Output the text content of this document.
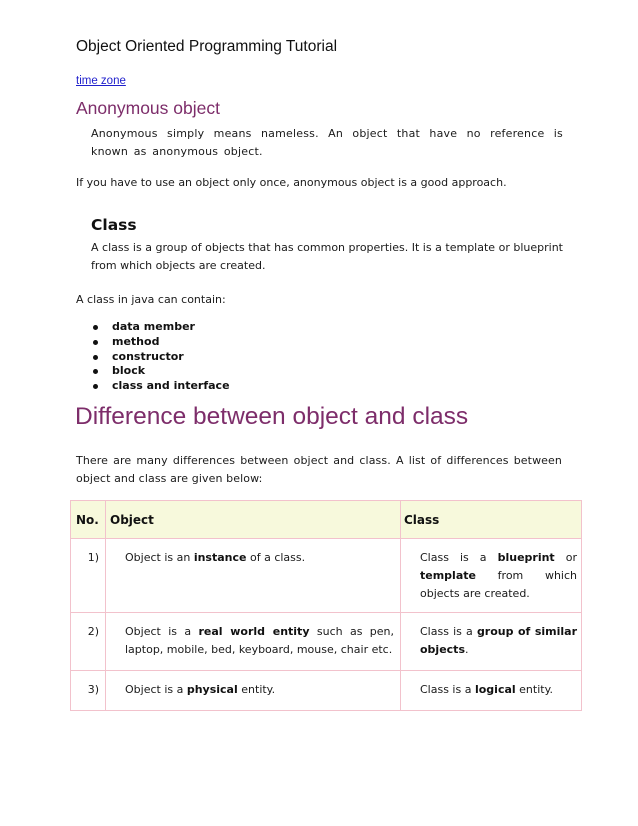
Object Oriented Programming Tutorial
time zone
Anonymous object

Anonymous simply means nameless. An object that have no reference is known as anonymous object.

If you have to use an object only once, anonymous object is a good approach.

Class

A class is a group of objects that has common properties. It is a template or blueprint from which objects are created.

A class in java can contain:

data member
method
constructor
block
class and interface
Difference between object and class

There are many differences between object and class. A list of differences between object and class are given below:

No.	Object	Class
1)	Object is an instance of a class.	Class is a blueprint or template from which objects are created.
2)	Object is a real world entity such as pen, laptop, mobile, bed, keyboard, mouse, chair etc.	Class is a group of similar objects.
3)	Object is a physical entity.	Class is a logical entity.
